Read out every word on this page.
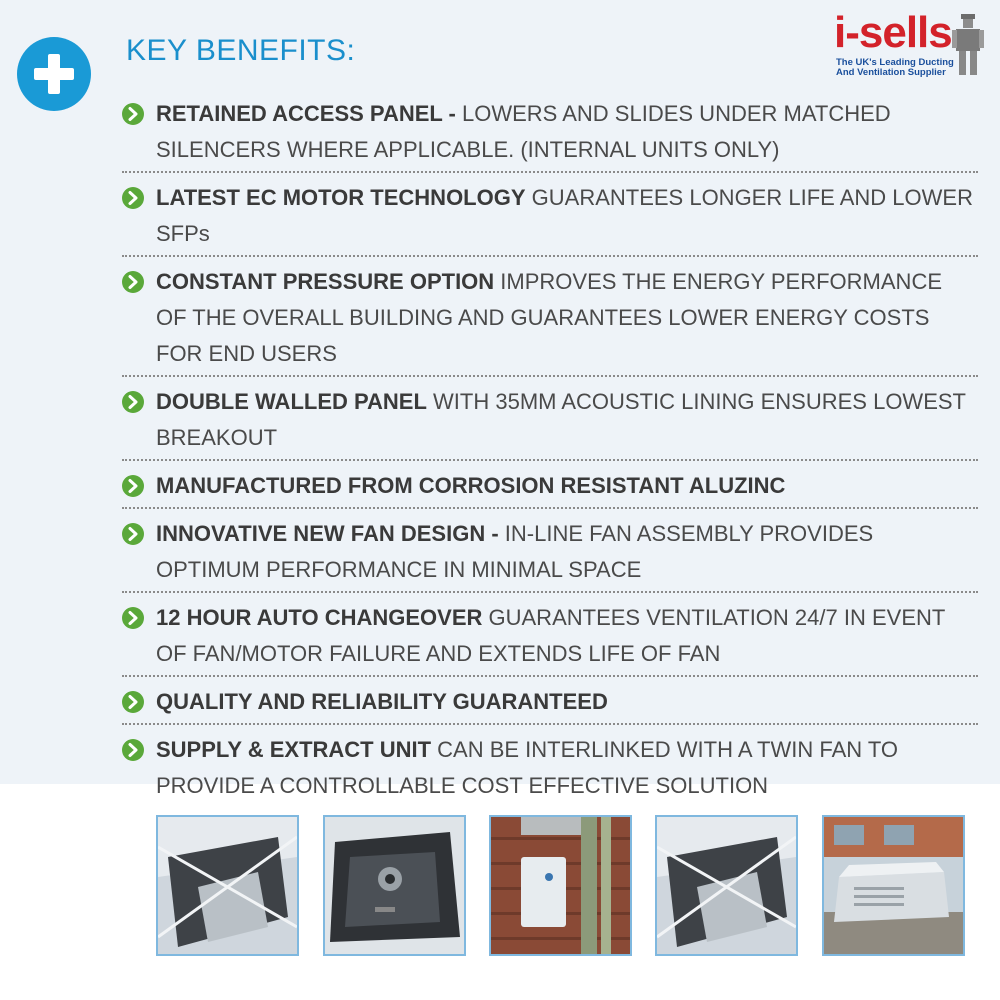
KEY BENEFITS:	i-sells
The UK's Leading Ducting
And Ventilation Supplier
RETAINED ACCESS PANEL - LOWERS AND SLIDES UNDER MATCHED SILENCERS WHERE APPLICABLE. (INTERNAL UNITS ONLY)
LATEST EC MOTOR TECHNOLOGY GUARANTEES LONGER LIFE AND LOWER SFPs
CONSTANT PRESSURE OPTION IMPROVES THE ENERGY PERFORMANCE OF THE OVERALL BUILDING AND GUARANTEES LOWER ENERGY COSTS FOR END USERS
DOUBLE WALLED PANEL WITH 35MM ACOUSTIC LINING ENSURES LOWEST BREAKOUT
MANUFACTURED FROM CORROSION RESISTANT ALUZINC
INNOVATIVE NEW FAN DESIGN - IN-LINE FAN ASSEMBLY PROVIDES OPTIMUM PERFORMANCE IN MINIMAL SPACE
12 HOUR AUTO CHANGEOVER GUARANTEES VENTILATION 24/7 IN EVENT OF FAN/MOTOR FAILURE AND EXTENDS LIFE OF FAN
QUALITY AND RELIABILITY GUARANTEED
SUPPLY & EXTRACT UNIT CAN BE INTERLINKED WITH A TWIN FAN TO PROVIDE A CONTROLLABLE COST EFFECTIVE SOLUTION
